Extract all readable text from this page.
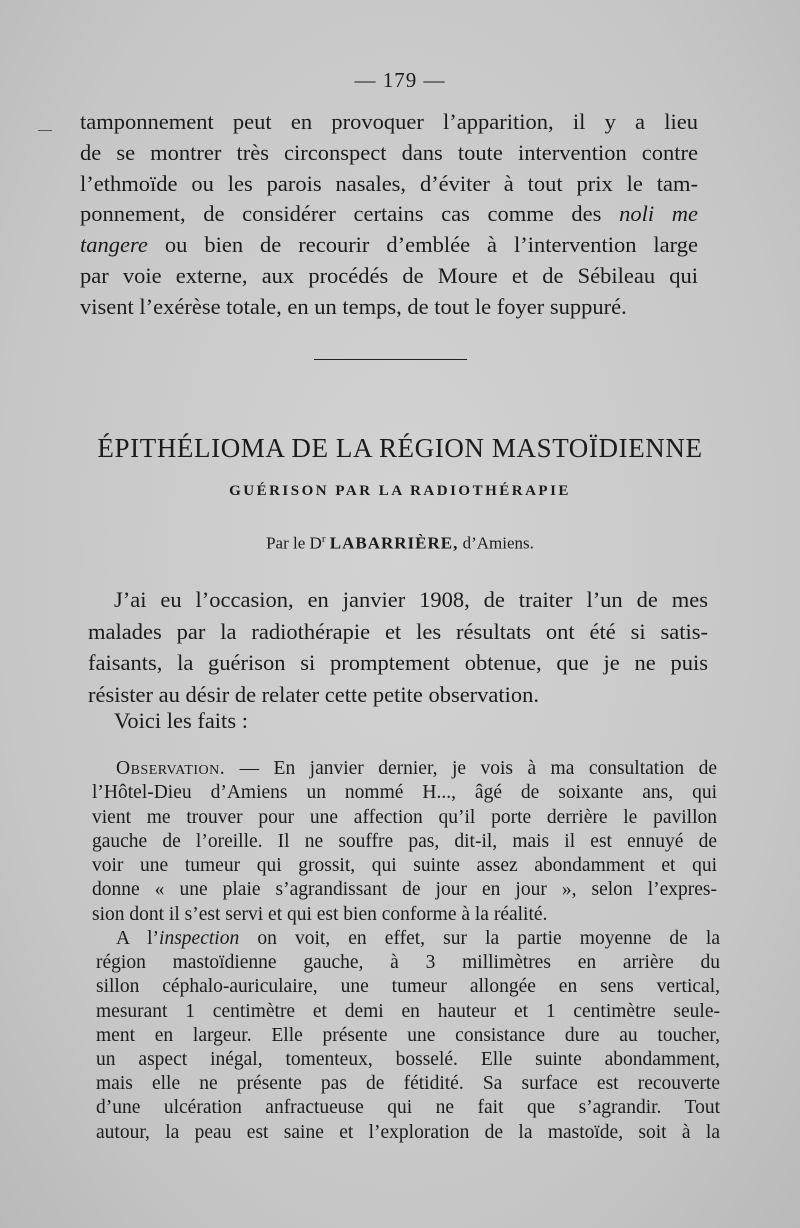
— 179 —
tamponnement peut en provoquer l’apparition, il y a lieu
de se montrer très circonspect dans toute intervention contre
l’ethmoïde ou les parois nasales, d’éviter à tout prix le tam-
ponnement, de considérer certains cas comme des noli me
tangere ou bien de recourir d’emblée à l’intervention large
par voie externe, aux procédés de Moure et de Sébileau qui
visent l’exérèse totale, en un temps, de tout le foyer suppuré.
ÉPITHÉLIOMA DE LA RÉGION MASTOÏDIENNE
GUÉRISON PAR LA RADIOTHÉRAPIE
Par le $D^r$ LABARRIÈRE, d’Amiens.
J’ai eu l’occasion, en janvier 1908, de traiter l’un de mes
malades par la radiothérapie et les résultats ont été si satis-
faisants, la guérison si promptement obtenue, que je ne puis
résister au désir de relater cette petite observation.
Voici les faits :
Observation. — En janvier dernier, je vois à ma consultation de
l’Hôtel-Dieu d’Amiens un nommé H..., âgé de soixante ans, qui
vient me trouver pour une affection qu’il porte derrière le pavillon
gauche de l’oreille. Il ne souffre pas, dit-il, mais il est ennuyé de
voir une tumeur qui grossit, qui suinte assez abondamment et qui
donne « une plaie s’agrandissant de jour en jour », selon l’expres-
sion dont il s’est servi et qui est bien conforme à la réalité.
A l’inspection on voit, en effet, sur la partie moyenne de la
région mastoïdienne gauche, à 3 millimètres en arrière du
sillon céphalo-auriculaire, une tumeur allongée en sens vertical,
mesurant 1 centimètre et demi en hauteur et 1 centimètre seule-
ment en largeur. Elle présente une consistance dure au toucher,
un aspect inégal, tomenteux, bosselé. Elle suinte abondamment,
mais elle ne présente pas de fétidité. Sa surface est recouverte
d’une ulcération anfractueuse qui ne fait que s’agrandir. Tout
autour, la peau est saine et l’exploration de la mastoïde, soit à la
